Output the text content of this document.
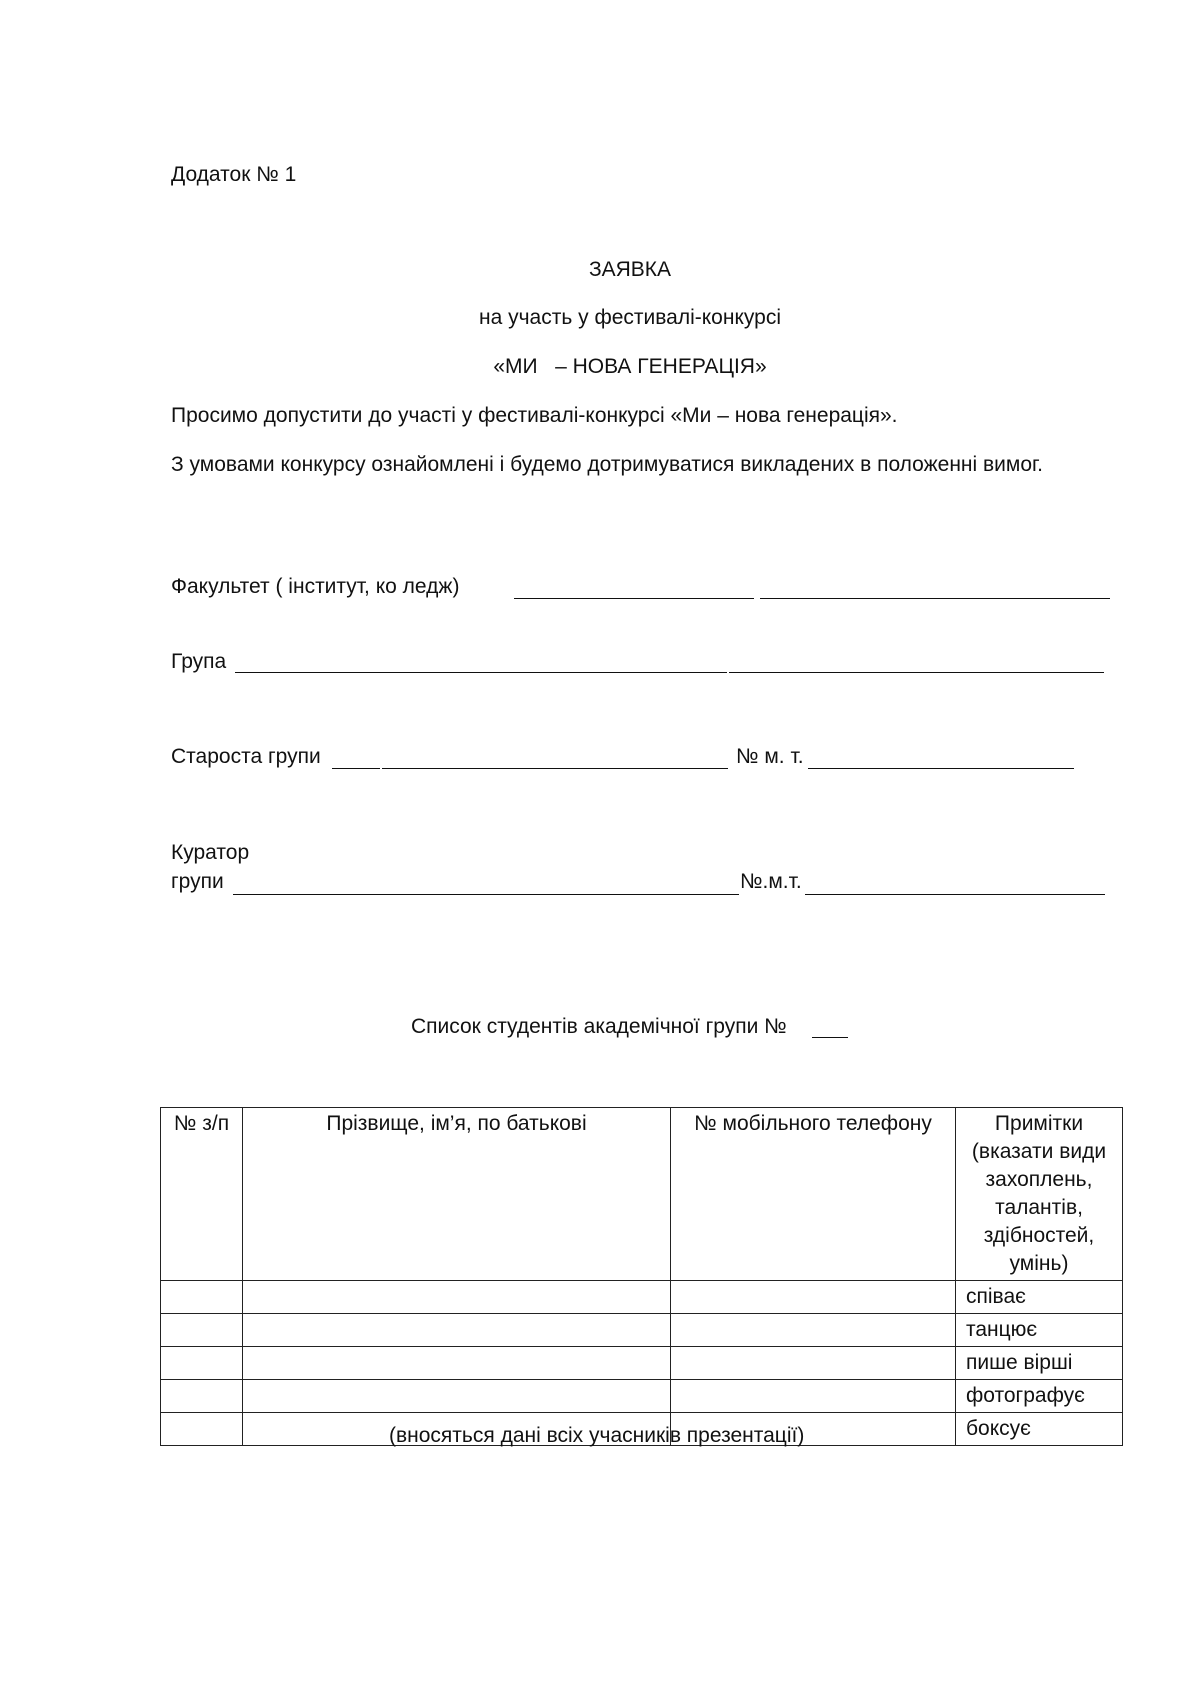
Додаток № 1
ЗАЯВКА
на участь у фестивалі-конкурсі
«МИ   – НОВА ГЕНЕРАЦІЯ»
Просимо допустити до участі у фестивалі-конкурсі «Ми – нова генерація».
З умовами конкурсу ознайомлені і будемо дотримуватися викладених в положенні вимог.
Факультет ( інститут, ко ледж)
Група
Староста групи	№ м. т.
Куратор
групи	№.м.т.
Список студентів академічної групи №
№ з/п	Прізвище, ім’я, по батькові	№ мобільного телефону	Примітки (вказати види захоплень, талантів, здібностей, умінь)
			співає
			танцює
			пише вірші
			фотографує
			боксує
(вносяться дані всіх учасників презентації)
